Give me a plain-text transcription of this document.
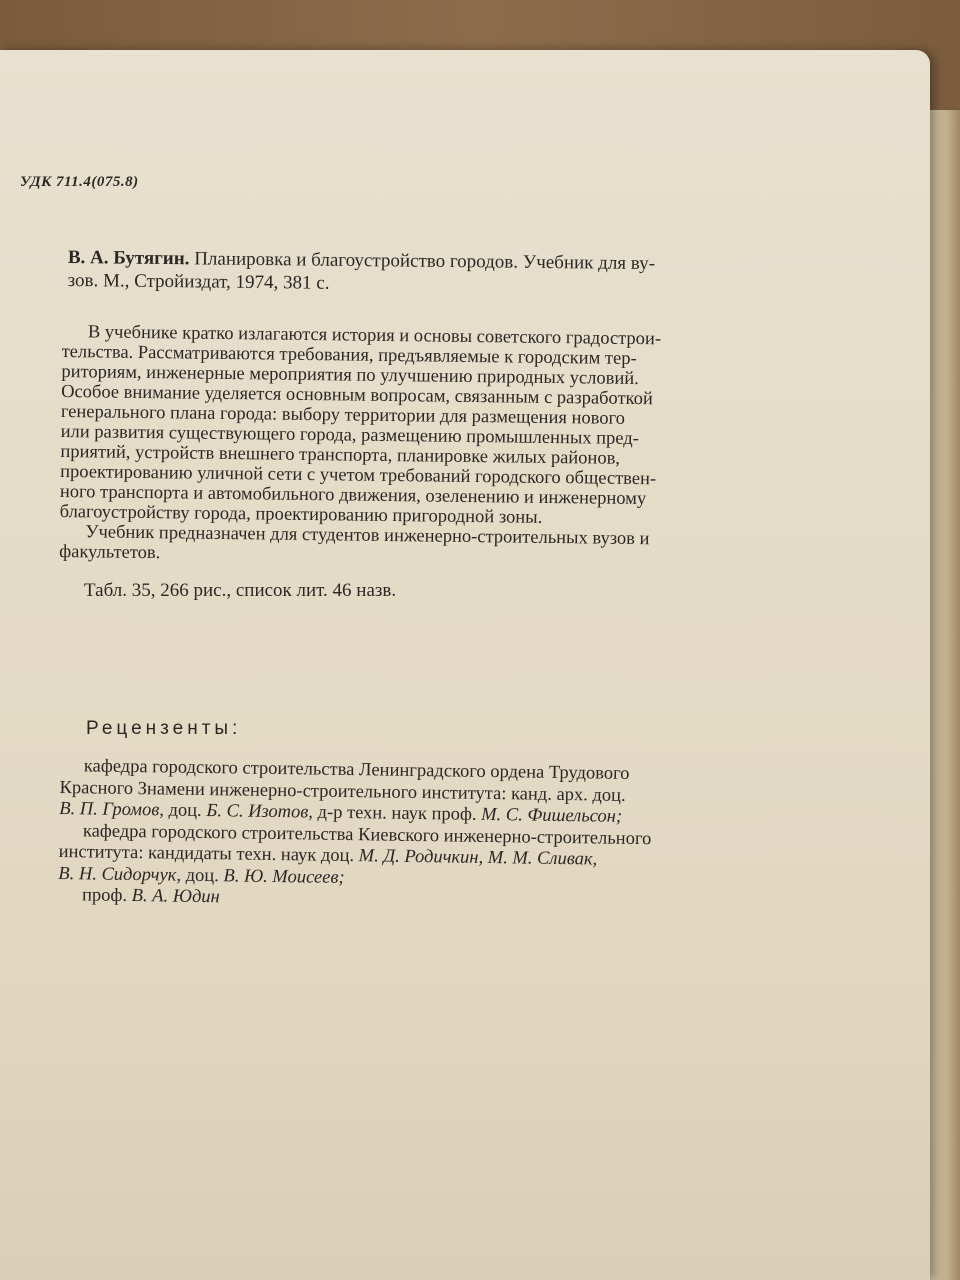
УДК 711.4(075.8)
В. А. Бутягин. Планировка и благоустройство городов. Учебник для ву-
зов. М., Стройиздат, 1974, 381 с.
В учебнике кратко излагаются история и основы советского градострои-
тельства. Рассматриваются требования, предъявляемые к городским тер-
риториям, инженерные мероприятия по улучшению природных условий.
Особое внимание уделяется основным вопросам, связанным с разработкой
генерального плана города: выбору территории для размещения нового
или развития существующего города, размещению промышленных пред-
приятий, устройств внешнего транспорта, планировке жилых районов,
проектированию уличной сети с учетом требований городского обществен-
ного транспорта и автомобильного движения, озеленению и инженерному
благоустройству города, проектированию пригородной зоны.
Учебник предназначен для студентов инженерно-строительных вузов и
факультетов.
Табл. 35, 266 рис., список лит. 46 назв.
Рецензенты:
кафедра городского строительства Ленинградского ордена Трудового
Красного Знамени инженерно-строительного института: канд. арх. доц.
В. П. Громов, доц. Б. С. Изотов, д-р техн. наук проф. М. С. Фишельсон;
кафедра городского строительства Киевского инженерно-строительного
института: кандидаты техн. наук доц. М. Д. Родичкин, М. М. Сливак,
В. Н. Сидорчук, доц. В. Ю. Моисеев;
проф. В. А. Юдин
